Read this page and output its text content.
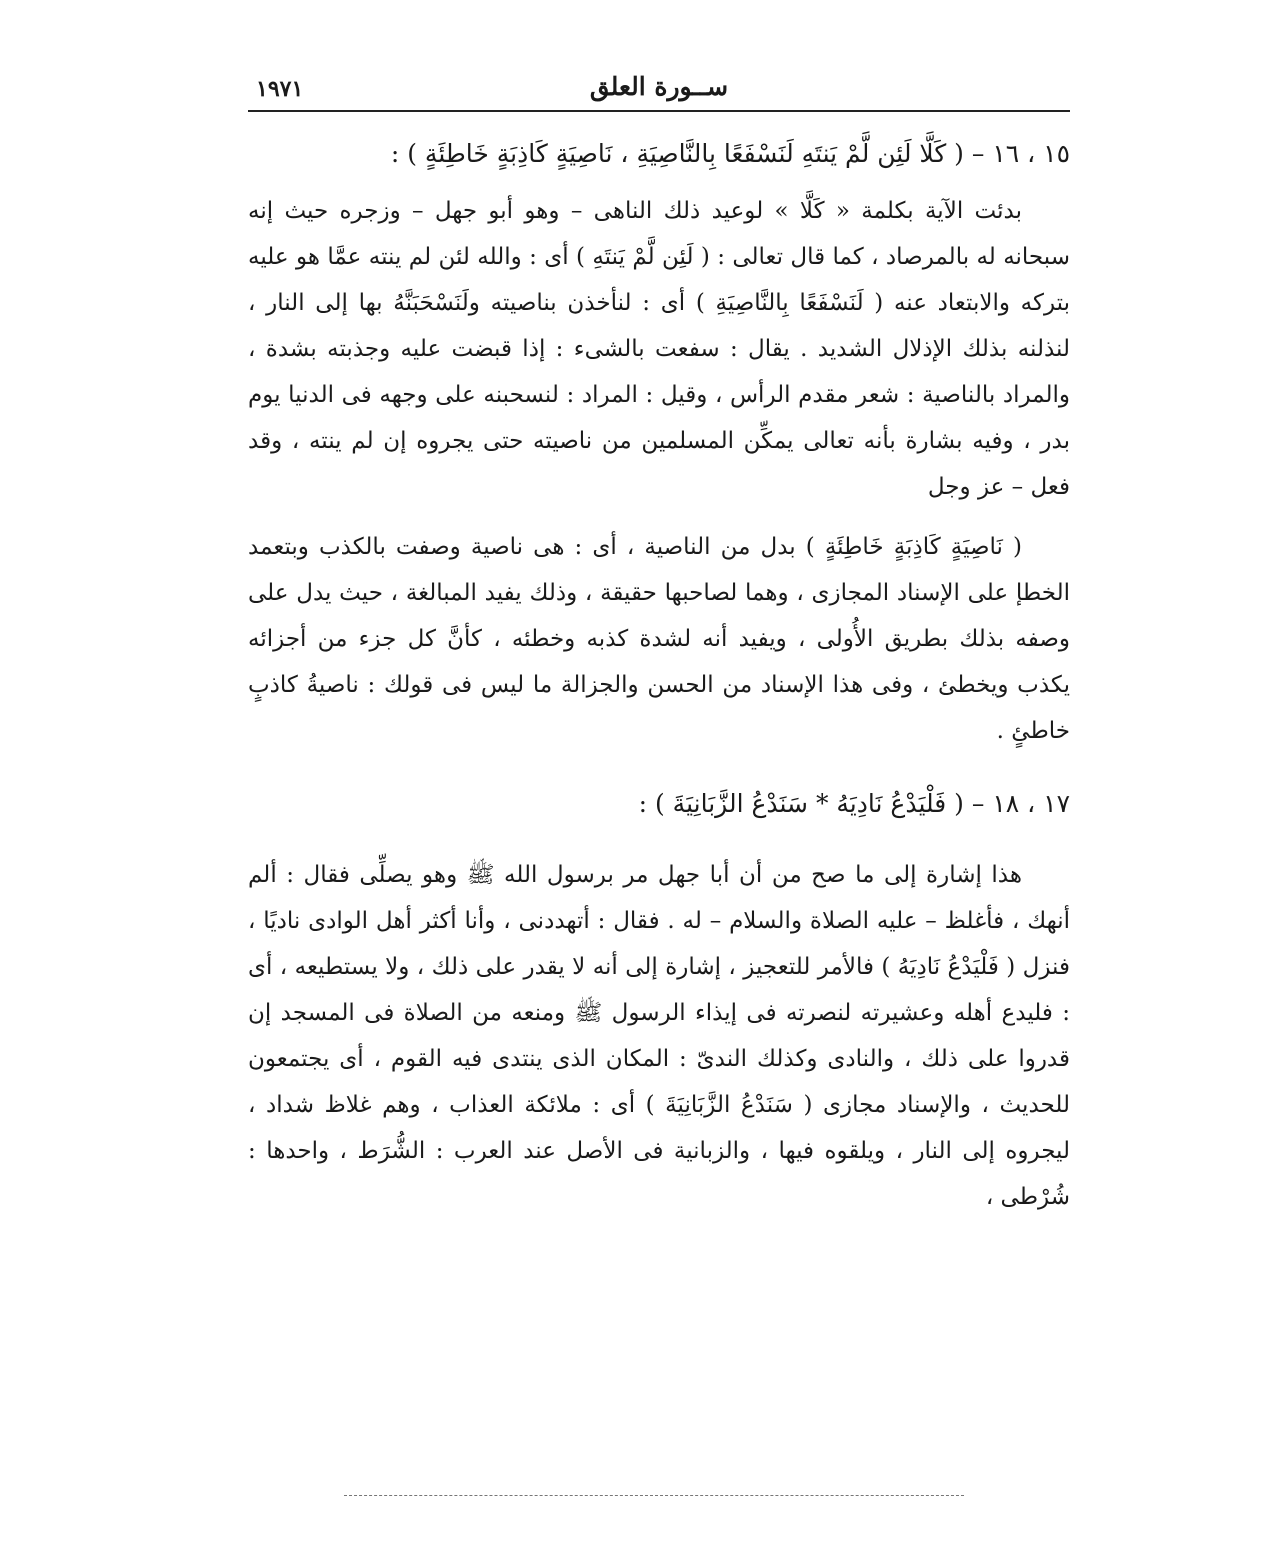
ســورة العلق
١٩٧١
١٥ ، ١٦ – ( كَلَّا لَئِن لَّمْ يَنتَهِ لَنَسْفَعًا بِالنَّاصِيَةِ ، نَاصِيَةٍ كَاذِبَةٍ خَاطِئَةٍ ) :

بدئت الآية بكلمة « كَلَّا » لوعيد ذلك الناهى – وهو أبو جهل – وزجره حيث إنه سبحانه له بالمرصاد ، كما قال تعالى : ( لَئِن لَّمْ يَنتَهِ ) أى : والله لئن لم ينته عمَّا هو عليه بتركه والابتعاد عنه ( لَنَسْفَعًا بِالنَّاصِيَةِ ) أى : لنأخذن بناصيته ولَنَسْحَبَنَّهُ بها إلى النار ، لنذلنه بذلك الإذلال الشديد . يقال : سفعت بالشىء : إذا قبضت عليه وجذبته بشدة ، والمراد بالناصية : شعر مقدم الرأس ، وقيل : المراد : لنسحبنه على وجهه فى الدنيا يوم بدر ، وفيه بشارة بأنه تعالى يمكِّن المسلمين من ناصيته حتى يجروه إن لم ينته ، وقد فعل – عز وجل

( نَاصِيَةٍ كَاذِبَةٍ خَاطِئَةٍ ) بدل من الناصية ، أى : هى ناصية وصفت بالكذب وبتعمد الخطإ على الإسناد المجازى ، وهما لصاحبها حقيقة ، وذلك يفيد المبالغة ، حيث يدل على وصفه بذلك بطريق الأُولى ، ويفيد أنه لشدة كذبه وخطئه ، كأنَّ كل جزء من أجزائه يكذب ويخطئ ، وفى هذا الإسناد من الحسن والجزالة ما ليس فى قولك : ناصيةُ كاذبٍ خاطئٍ .

١٧ ، ١٨ – ( فَلْيَدْعُ نَادِيَهُ * سَنَدْعُ الزَّبَانِيَةَ ) :

هذا إشارة إلى ما صح من أن أبا جهل مر برسول الله ﷺ وهو يصلِّى فقال : ألم أنهك ، فأغلظ – عليه الصلاة والسلام – له . فقال : أتهددنى ، وأنا أكثر أهل الوادى ناديًا ، فنزل ( فَلْيَدْعُ نَادِيَهُ ) فالأمر للتعجيز ، إشارة إلى أنه لا يقدر على ذلك ، ولا يستطيعه ، أى : فليدع أهله وعشيرته لنصرته فى إيذاء الرسول ﷺ ومنعه من الصلاة فى المسجد إن قدروا على ذلك ، والنادى وكذلك الندىّ : المكان الذى ينتدى فيه القوم ، أى يجتمعون للحديث ، والإسناد مجازى ( سَنَدْعُ الزَّبَانِيَةَ ) أى : ملائكة العذاب ، وهم غلاظ شداد ، ليجروه إلى النار ، ويلقوه فيها ، والزبانية فى الأصل عند العرب : الشُّرَط ، واحدها : شُرْطى ،
